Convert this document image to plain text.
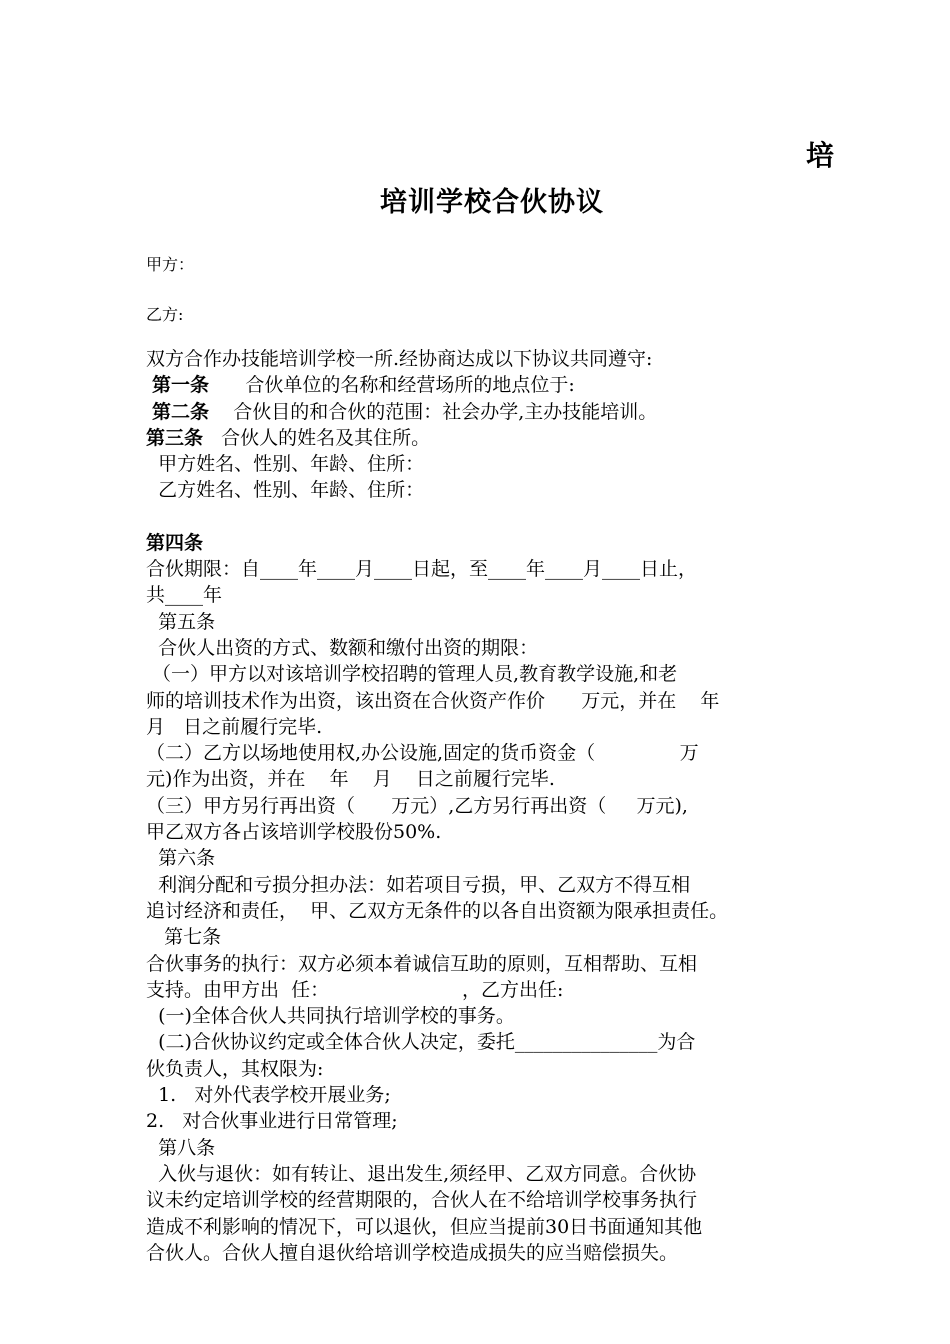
培
培训学校合伙协议
甲方：
乙方:
双方合作办技能培训学校一所.经协商达成以下协议共同遵守:
第一条 合伙单位的名称和经营场所的地点位于:
第二条 合伙目的和合伙的范围：社会办学,主办技能培训。
第三条 合伙人的姓名及其住所。
甲方姓名、性别、年龄、住所：
乙方姓名、性别、年龄、住所：
第四条
合伙期限：自____年____月____日起，至____年____月____日止，
共____年
第五条
合伙人出资的方式、数额和缴付出资的期限：
（一）甲方以对该培训学校招聘的管理人员,教育教学设施,和老
师的培训技术作为出资，该出资在合伙资产作价      万元，并在    年
月   日之前履行完毕.
（二）乙方以场地使用权,办公设施,固定的货币资金（              万
元)作为出资，并在    年    月    日之前履行完毕.
（三）甲方另行再出资（      万元）,乙方另行再出资（     万元),
甲乙双方各占该培训学校股份50%.
第六条
利润分配和亏损分担办法：如若项目亏损，甲、乙双方不得互相
追讨经济和责任，  甲、乙双方无条件的以各自出资额为限承担责任。
第七条
合伙事务的执行：双方必须本着诚信互助的原则，互相帮助、互相
支持。由甲方出  任：                      ，乙方出任:
(一)全体合伙人共同执行培训学校的事务。
(二)合伙协议约定或全体合伙人决定，委托_______________为合
伙负责人，其权限为:
1.   对外代表学校开展业务;
2.   对合伙事业进行日常管理;
第八条
入伙与退伙：如有转让、退出发生,须经甲、乙双方同意。合伙协
议未约定培训学校的经营期限的，合伙人在不给培训学校事务执行
造成不利影响的情况下，可以退伙，但应当提前30日书面通知其他
合伙人。合伙人擅自退伙给培训学校造成损失的应当赔偿损失。
